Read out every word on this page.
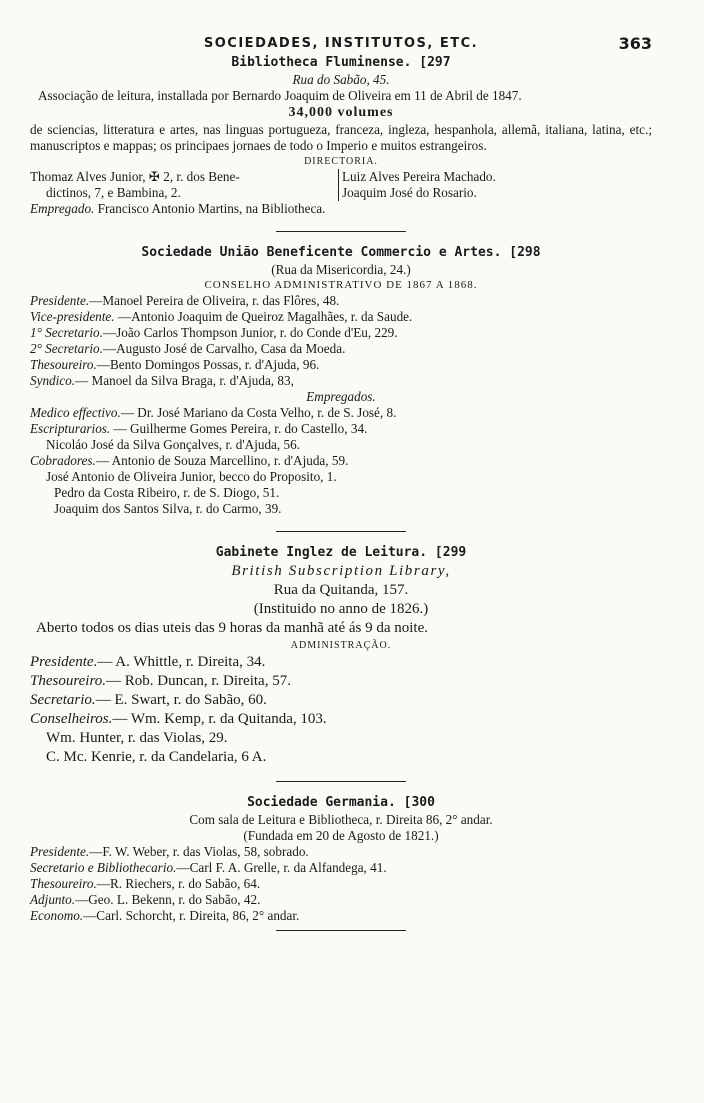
SOCIEDADES, INSTITUTOS, ETC.	363
Bibliotheca Fluminense. [297
Rua do Sabão, 45.
Associação de leitura, installada por Bernardo Joaquim de Oliveira em 11 de Abril de 1847.
34,000 volumes
de sciencias, litteratura e artes, nas linguas portugueza, franceza, ingleza, hespanhola, allemã, italiana, latina, etc.; manuscriptos e mappas; os principaes jornaes de todo o Imperio e muitos estrangeiros.
DIRECTORIA.
Thomaz Alves Junior, ✠ 2, r. dos Bene-
dictinos, 7, e Bambina, 2.
Luiz Alves Pereira Machado.
Joaquim José do Rosario.
Empregado. Francisco Antonio Martins, na Bibliotheca.
Sociedade União Beneficente Commercio e Artes. [298
(Rua da Misericordia, 24.)
CONSELHO ADMINISTRATIVO DE 1867 A 1868.
Presidente.—Manoel Pereira de Oliveira, r. das Flôres, 48.
Vice-presidente. —Antonio Joaquim de Queiroz Magalhães, r. da Saude.
1° Secretario.—João Carlos Thompson Junior, r. do Conde d'Eu, 229.
2° Secretario.—Augusto José de Carvalho, Casa da Moeda.
Thesoureiro.—Bento Domingos Possas, r. d'Ajuda, 96.
Syndico.— Manoel da Silva Braga, r. d'Ajuda, 83,
Empregados.
Medico effectivo.— Dr. José Mariano da Costa Velho, r. de S. José, 8.
Escripturarios. — Guilherme Gomes Pereira, r. do Castello, 34.
Nicoláo José da Silva Gonçalves, r. d'Ajuda, 56.
Cobradores.— Antonio de Souza Marcellino, r. d'Ajuda, 59.
José Antonio de Oliveira Junior, becco do Proposito, 1.
Pedro da Costa Ribeiro, r. de S. Diogo, 51.
Joaquim dos Santos Silva, r. do Carmo, 39.
Gabinete Inglez de Leitura. [299
British Subscription Library,
Rua da Quitanda, 157.
(Instituido no anno de 1826.)
Aberto todos os dias uteis das 9 horas da manhã até ás 9 da noite.
ADMINISTRAÇÃO.
Presidente.— A. Whittle, r. Direita, 34.
Thesoureiro.— Rob. Duncan, r. Direita, 57.
Secretario.— E. Swart, r. do Sabão, 60.
Conselheiros.— Wm. Kemp, r. da Quitanda, 103.
Wm. Hunter, r. das Violas, 29.
C. Mc. Kenrie, r. da Candelaria, 6 A.
Sociedade Germania. [300
Com sala de Leitura e Bibliotheca, r. Direita 86, 2° andar.
(Fundada em 20 de Agosto de 1821.)
Presidente.—F. W. Weber, r. das Violas, 58, sobrado.
Secretario e Bibliothecario.—Carl F. A. Grelle, r. da Alfandega, 41.
Thesoureiro.—R. Riechers, r. do Sabão, 64.
Adjunto.—Geo. L. Bekenn, r. do Sabão, 42.
Economo.—Carl. Schorcht, r. Direita, 86, 2° andar.
